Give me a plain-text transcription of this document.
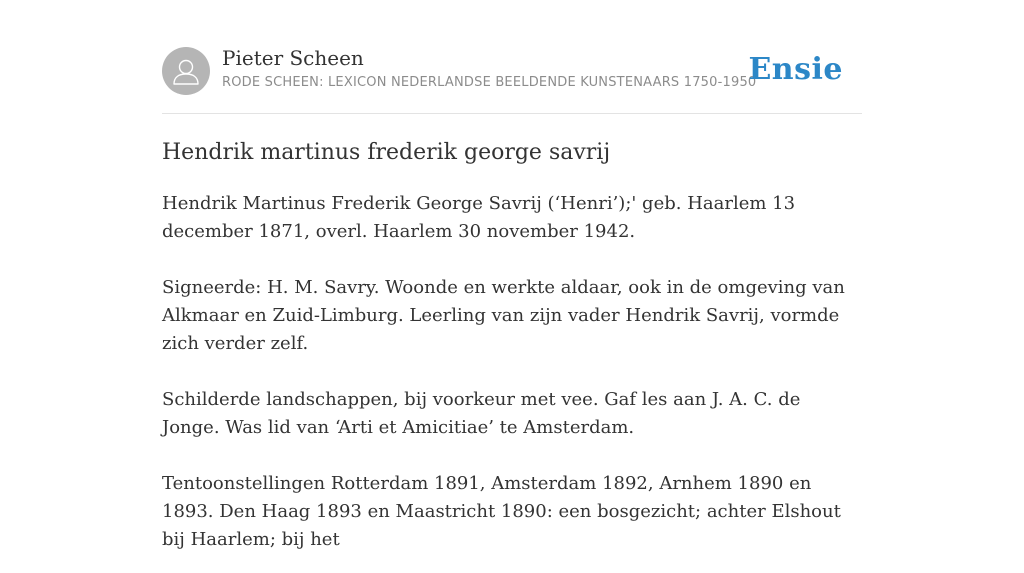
Pieter Scheen
RODE SCHEEN: LEXICON NEDERLANDSE BEELDENDE KUNSTENAARS 1750-1950
Ensie
Hendrik martinus frederik george savrij

Hendrik Martinus Frederik George Savrij (‘Henri’);' geb. Haarlem 13 december 1871, overl. Haarlem 30 november 1942.

Signeerde: H. M. Savry. Woonde en werkte aldaar, ook in de omgeving van Alkmaar en Zuid-Limburg. Leerling van zijn vader Hendrik Savrij, vormde zich verder zelf.

Schilderde landschappen, bij voorkeur met vee. Gaf les aan J. A. C. de Jonge. Was lid van ‘Arti et Amicitiae’ te Amsterdam.

Tentoonstellingen Rotterdam 1891, Amsterdam 1892, Arnhem 1890 en 1893. Den Haag 1893 en Maastricht 1890: een bosgezicht; achter Elshout bij Haarlem; bij het
